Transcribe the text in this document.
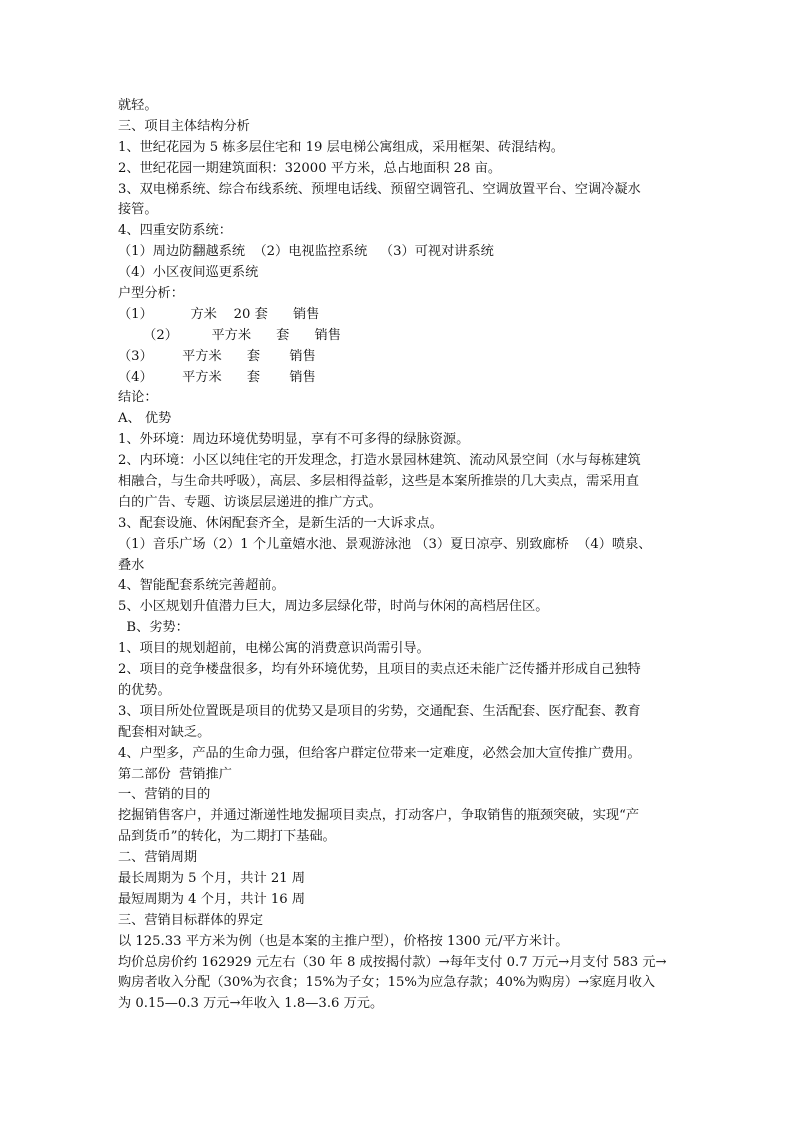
就轻。
三、项目主体结构分析
1、世纪花园为 5 栋多层住宅和 19 层电梯公寓组成，采用框架、砖混结构。
2、世纪花园一期建筑面积：32000 平方米，总占地面积 28 亩。
3、双电梯系统、综合布线系统、预埋电话线、预留空调管孔、空调放置平台、空调冷凝水
接管。
4、四重安防系统：
（1）周边防翻越系统  （2）电视监控系统   （3）可视对讲系统
（4）小区夜间巡更系统
户型分析：
（1）         方米    20 套      销售
（2）        平方米      套      销售
（3）       平方米      套       销售
（4）       平方米      套       销售
结论：
A、 优势
1、外环境：周边环境优势明显，享有不可多得的绿脉资源。
2、内环境：小区以纯住宅的开发理念，打造水景园林建筑、流动风景空间（水与每栋建筑
相融合，与生命共呼吸），高层、多层相得益彰，这些是本案所推崇的几大卖点，需采用直
白的广告、专题、访谈层层递进的推广方式。
3、配套设施、休闲配套齐全，是新生活的一大诉求点。
（1）音乐广场（2）1 个儿童嬉水池、景观游泳池 （3）夏日凉亭、别致廊桥  （4）喷泉、
叠水
4、智能配套系统完善超前。
5、小区规划升值潜力巨大，周边多层绿化带，时尚与休闲的高档居住区。
B、劣势：
1、项目的规划超前，电梯公寓的消费意识尚需引导。
2、项目的竞争楼盘很多，均有外环境优势，且项目的卖点还未能广泛传播并形成自己独特
的优势。
3、项目所处位置既是项目的优势又是项目的劣势，交通配套、生活配套、医疗配套、教育
配套相对缺乏。
4、户型多，产品的生命力强，但给客户群定位带来一定难度，必然会加大宣传推广费用。
第二部份  营销推广
一、营销的目的
挖掘销售客户，并通过渐递性地发掘项目卖点，打动客户，争取销售的瓶颈突破，实现“产
品到货币”的转化，为二期打下基础。
二、营销周期
最长周期为 5 个月，共计 21 周
最短周期为 4 个月，共计 16 周
三、营销目标群体的界定
以 125.33 平方米为例（也是本案的主推户型），价格按 1300 元/平方米计。
均价总房价约 162929 元左右（30 年 8 成按揭付款）→每年支付 0.7 万元→月支付 583 元→
购房者收入分配（30%为衣食；15%为子女；15%为应急存款；40%为购房）→家庭月收入
为 0.15—0.3 万元→年收入 1.8—3.6 万元。
